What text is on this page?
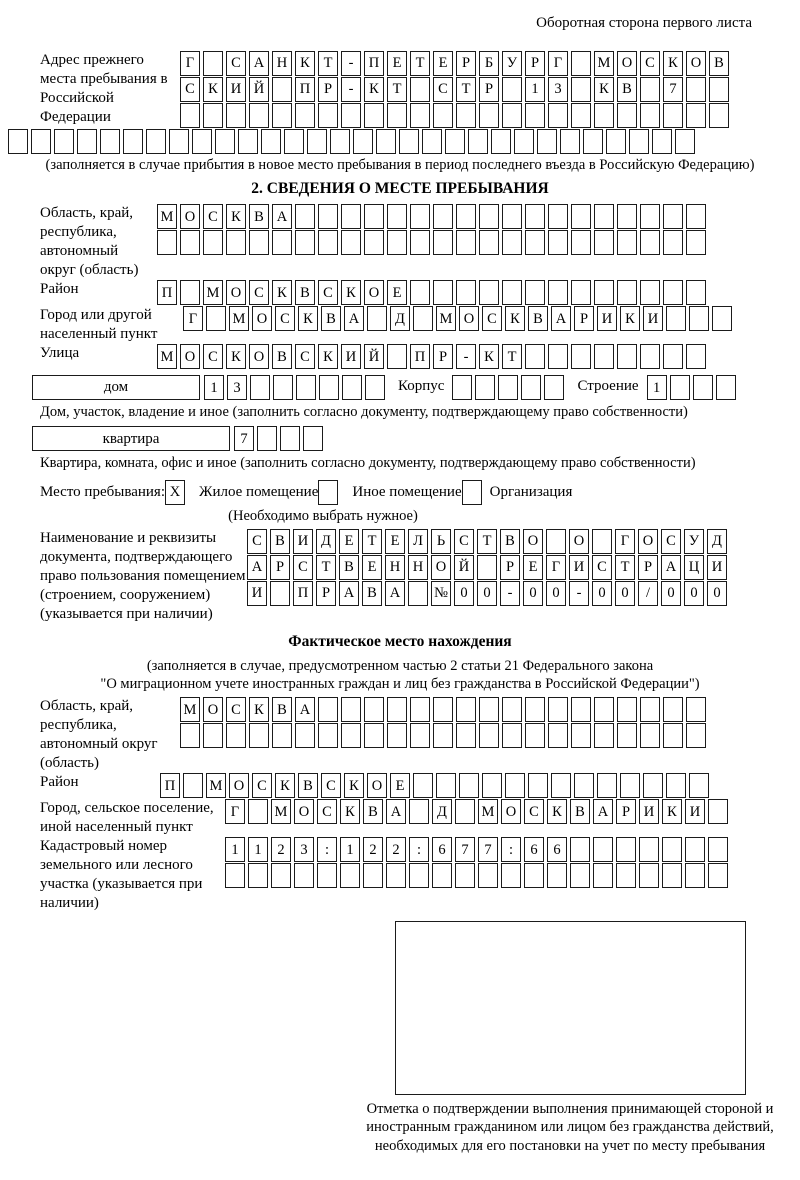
Оборотная сторона первого листа
Адрес прежнего места пребывания в Российской Федерации
Г	С А Н К Т	-	П Е Т Е	Р	Б У Р	Г	М О С К О В
С К И Й	П Р	-	К Т	С Т	Р	1	3	К В	7
(заполняется в случае прибытия в новое место пребывания в период последнего въезда в Российскую Федерацию)
2. СВЕДЕНИЯ О МЕСТЕ ПРЕБЫВАНИЯ
Область, край, республика, автономный округ (область)
М О С К В А
Район	П	М О С К В С К О Е
Город или другой населенный пункт
Г	М О С К В А	Д	М О С К В А Р И К И
Улица	М О С К О В С К И Й	П Р	-	К Т
дом	1	3	Корпус	Строение 1
Дом, участок, владение и иное (заполнить согласно документу, подтверждающему право собственности)
квартира	7
Квартира, комната, офис и иное (заполнить согласно документу, подтверждающему право собственности)
Место пребывания: X	Жилое помещение Иное помещение Организация
(Необходимо выбрать нужное)
Наименование и реквизиты документа, подтверждающего право пользования помещением (строением, сооружением) (указывается при наличии)
С В И Д Е Т Е Л Ь С Т В О	О	Г О С У Д
А Р С Т В Е Н Н О Й	Р	Е Г И С Т	Р А Ц И
И	П Р А В А	№ 0	0	-	0	0	-	0	0	/	0	0	0
Фактическое место нахождения
(заполняется в случае, предусмотренном частью 2 статьи 21 Федерального закона
"О миграционном учете иностранных граждан и лиц без гражданства в Российской Федерации")
Область, край, республика, автономный округ (область)
М О С К В А
Район	П	М О С К В С К О Е
Город, сельское поселение, иной населенный пункт
Г	М О С К В А	Д	М О С К В А Р И К И
Кадастровый номер земельного или лесного участка (указывается при наличии)
1	1	2	3	:	1	2	2	:	6	7	7	:	6	6
Отметка о подтверждении выполнения принимающей стороной и иностранным гражданином или лицом без гражданства действий, необходимых для его постановки на учет по месту пребывания
